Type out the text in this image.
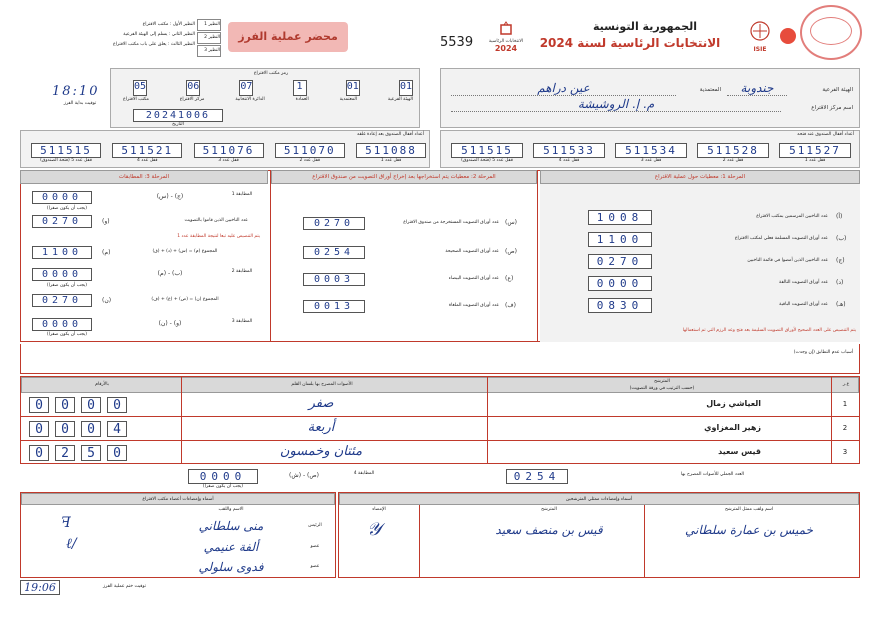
النظير الأول : مكتب الاقتراع
النظير الثاني : يسلم إلى الهيئة الفرعية
النظير الثالث : يعلق على باب مكتب الاقتراع
النظير 1
النظير 2
النظير 3
محضر عملية الفرز	5539	الانتخابات الرئاسية
2024
الجمهورية التونسية
الانتخابات الرئاسية لسنة 2024	ISIE
18:10
توقيت بداية الفرز
رمز مكتب الاقتراع
05	06	07	1	01	01
الهيئة الفرعية
المعتمدية
العمادة
الدائرة الانتخابية
مركز الاقتراع
مكتب الاقتراع
20241006
التاريخ
الهيئة الفرعية
جندوبة
المعتمدية
عين دراهم
اسم مركز الاقتراع
م. إ. الروشيشة
أعداد أقفال الصندوق بعد إعادة غلقه
511515	511521	511076	511070	511088
قفل عدد 5 (فتحة الصندوق)	قفل عدد 4	قفل عدد 3	قفل عدد 2	قفل عدد 1
أعداد أقفال الصندوق عند فتحه
511515	511533	511534	511528	511527
قفل عدد 5 (فتحة الصندوق)	قفل عدد 4	قفل عدد 3	قفل عدد 2	قفل عدد 1
المرحلة 3: المطابقات
0000	(ج) - (س)	المطابقة 1
(يجب أن يكون صفرا)
0270	(و)	عدد الناخبين الذين قاموا بالتصويت
يتم التنصيص عليه تبعا لنتيجة المطابقة عدد 1
1100	(م)	المجموع (م) = (س) + (د) + (ق)
0000	(ب) - (م)	المطابقة 2
(يجب أن يكون صفرا)
0270	(ن)	المجموع (ن) = (ص) + (ع) + (ف)
0000	(و) - (ن)	المطابقة 3
(يجب أن يكون صفرا)
المرحلة 2: معطيات يتم استخراجها بعد إخراج أوراق التصويت من صندوق الاقتراع
0270	عدد أوراق التصويت المستخرجة من صندوق الاقتراع (س)
0254	عدد أوراق التصويت الصحيحة (ص)
0003	عدد أوراق التصويت البيضاء (ع)
0013	عدد أوراق التصويت الملغاة (ف)
المرحلة 1: معطيات حول عملية الاقتراع
1008	عدد الناخبين المرسمين بمكتب الاقتراع (أ)
1100	عدد أوراق التصويت المسلمة فعلي لمكتب الاقتراع (ب)
0270	عدد الناخبين الذين أمضوا في قائمة الناخبين (ج)
0000	عدد أوراق التصويت التالفة (د)
0830	عدد أوراق التصويت الباقية (هـ)
يتم التنصيص على العدد الصحيح لأوراق التصويت السليمة بعد فتح وعد الرزم التي تم استعمالها
أسباب عدم التطابق (إن وجدت)
بالأرقام	الأصوات المصرح بها بلسان القلم
المترشح
(حسب الترتيب في ورقة التصويت)
ع.ر
0	0	0	0	صفر	العياشي زمال	1
0	0	0	4	أربعة	زهير المغزاوي	2
0	2	5	0	مئتان وخمسون	قيس سعيد	3
0000	(ص) - (ش)	المطابقة 4
(يجب أن يكون صفرا)
0254	العدد الجملي للأصوات المصرح بها
أسماء وإمضاءات أعضاء مكتب الاقتراع
الاسم واللقب
ꟻ	منى سلطاني	الرئيس
ℓ/	ألفة عنيمي	عضو
فدوى سلولي	عضو
أسماء وإمضاءات ممثلي المترشحين
الإمضاء	المترشح	اسم ولقب ممثل المترشح
𝒴	قيس بن منصف سعيد	خميس بن عمارة سلطاني
19:06	توقيت ختم عملية الفرز
